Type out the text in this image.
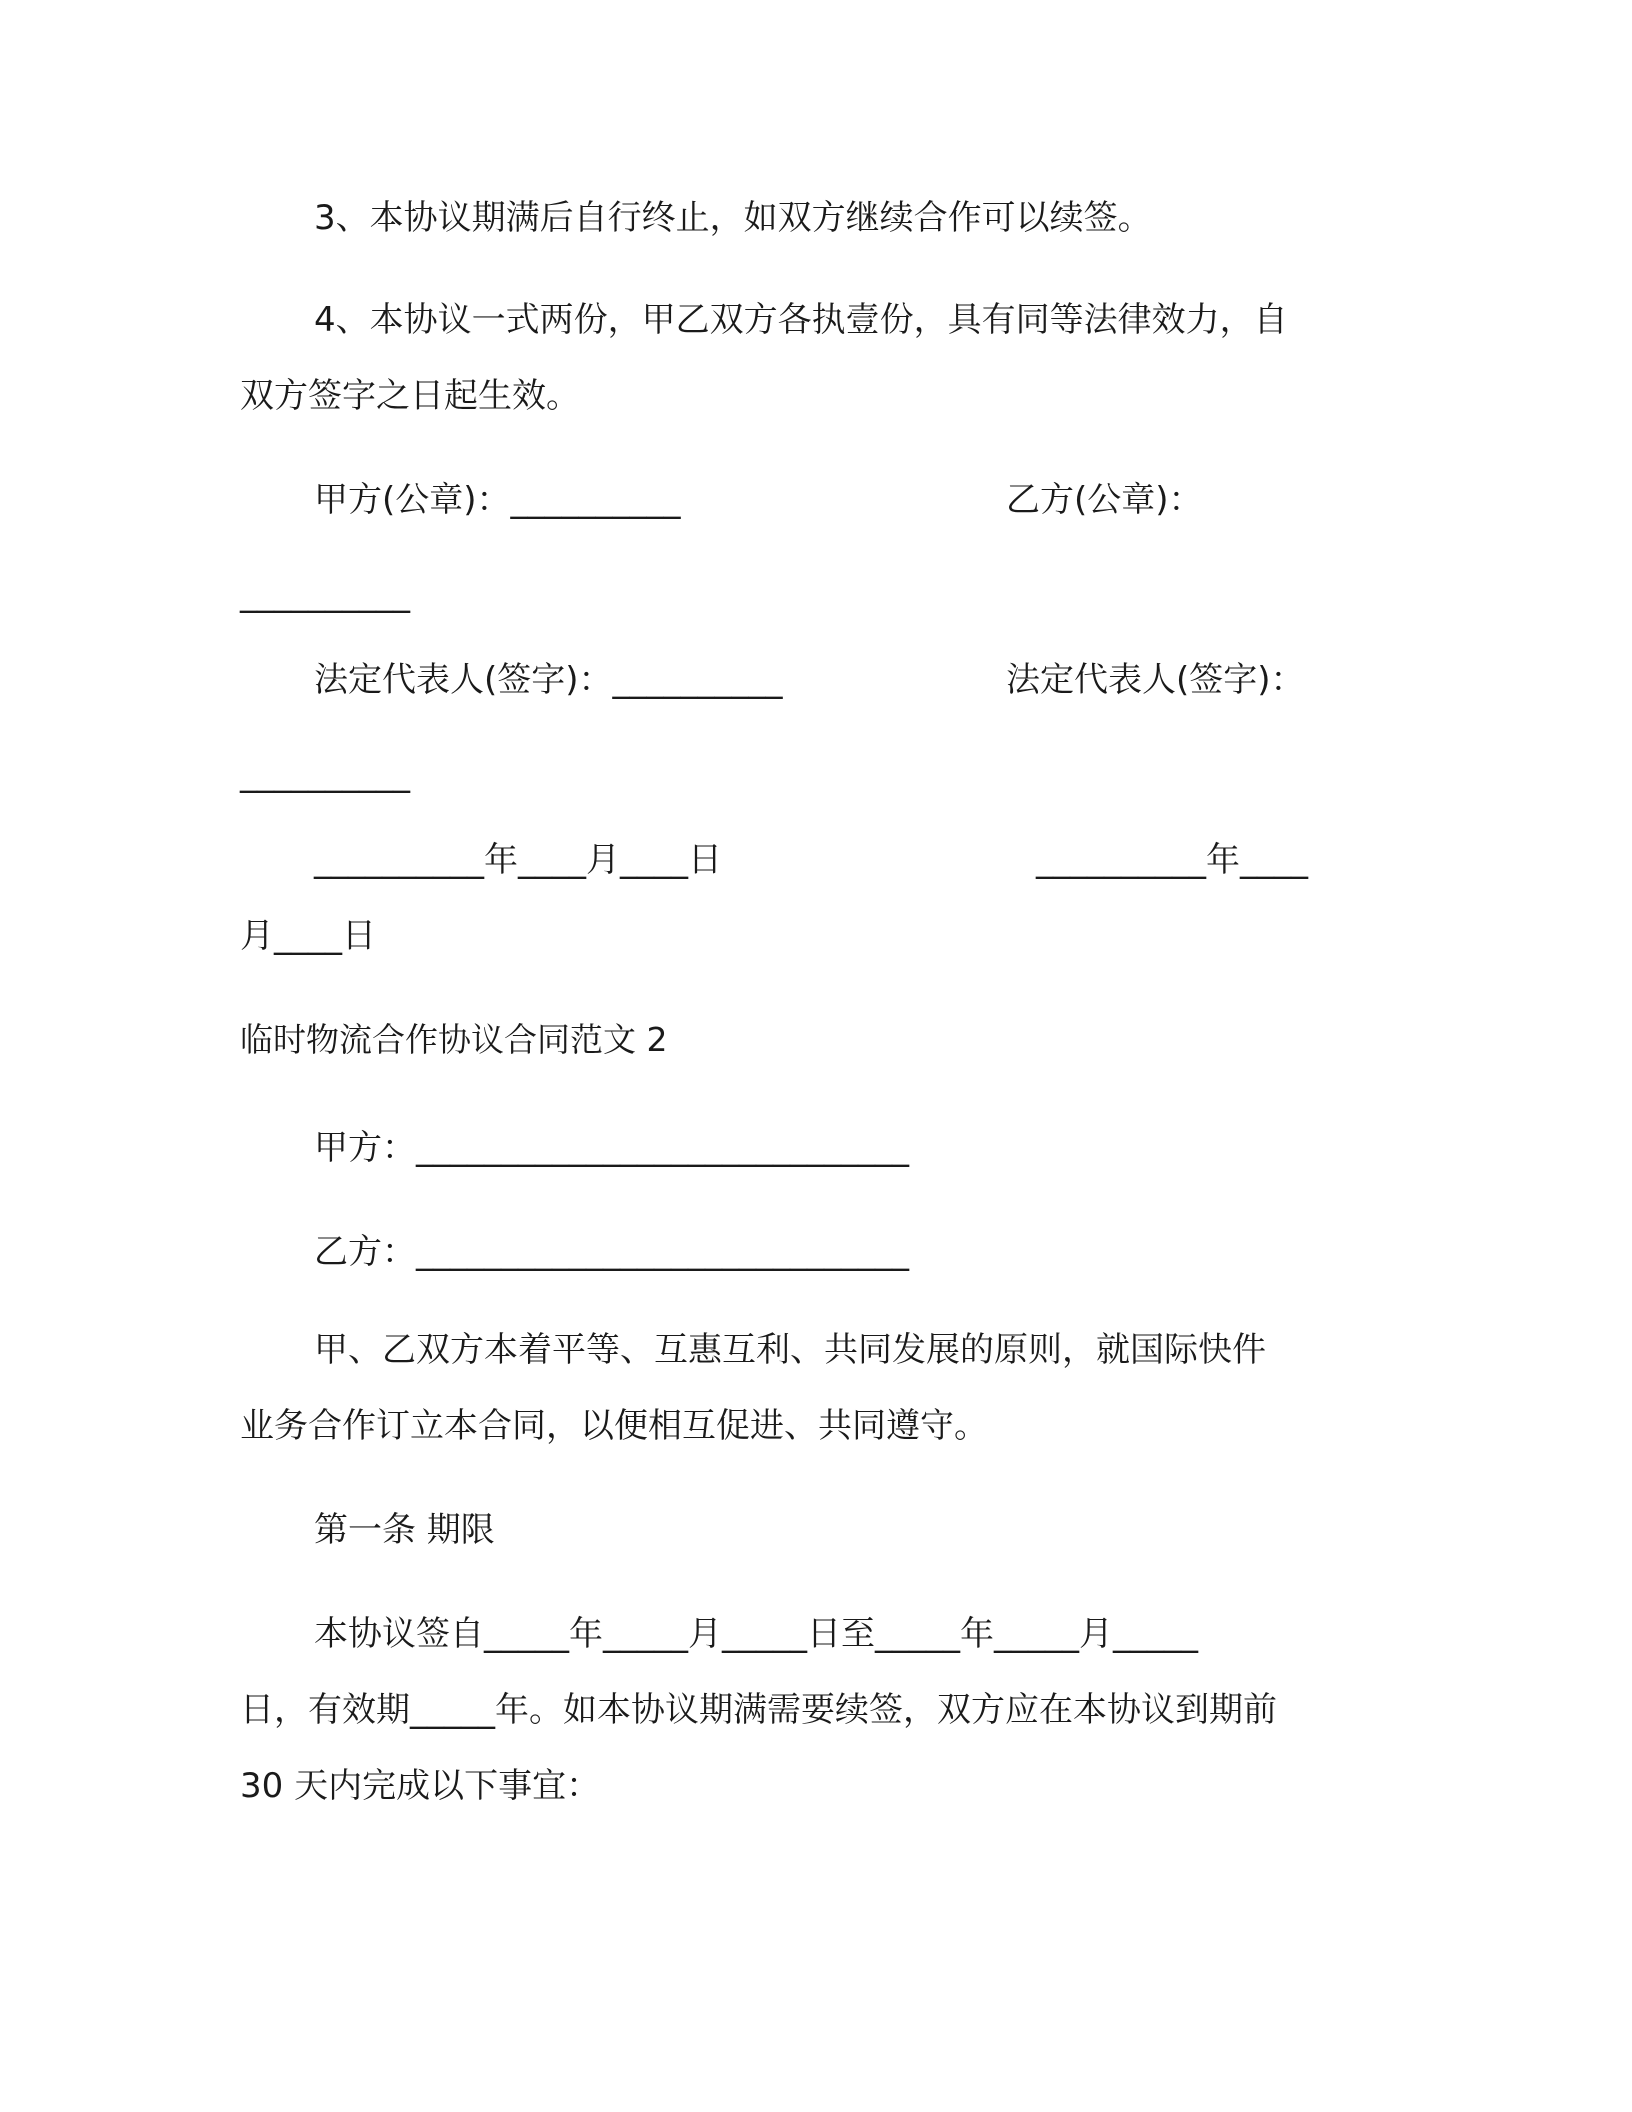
3、本协议期满后自行终止，如双方继续合作可以续签。
4、本协议一式两份，甲乙双方各执壹份，具有同等法律效力，自
双方签字之日起生效。
甲方(公章)：__________	乙方(公章)：
__________
法定代表人(签字)：__________	法定代表人(签字)：
__________
__________年____月____日	__________年____
月____日
临时物流合作协议合同范文 2
甲方：_____________________________
乙方：_____________________________
甲、乙双方本着平等、互惠互利、共同发展的原则，就国际快件
业务合作订立本合同，以便相互促进、共同遵守。
第一条 期限
本协议签自_____年_____月_____日至_____年_____月_____
日，有效期_____年。如本协议期满需要续签，双方应在本协议到期前
30 天内完成以下事宜：
